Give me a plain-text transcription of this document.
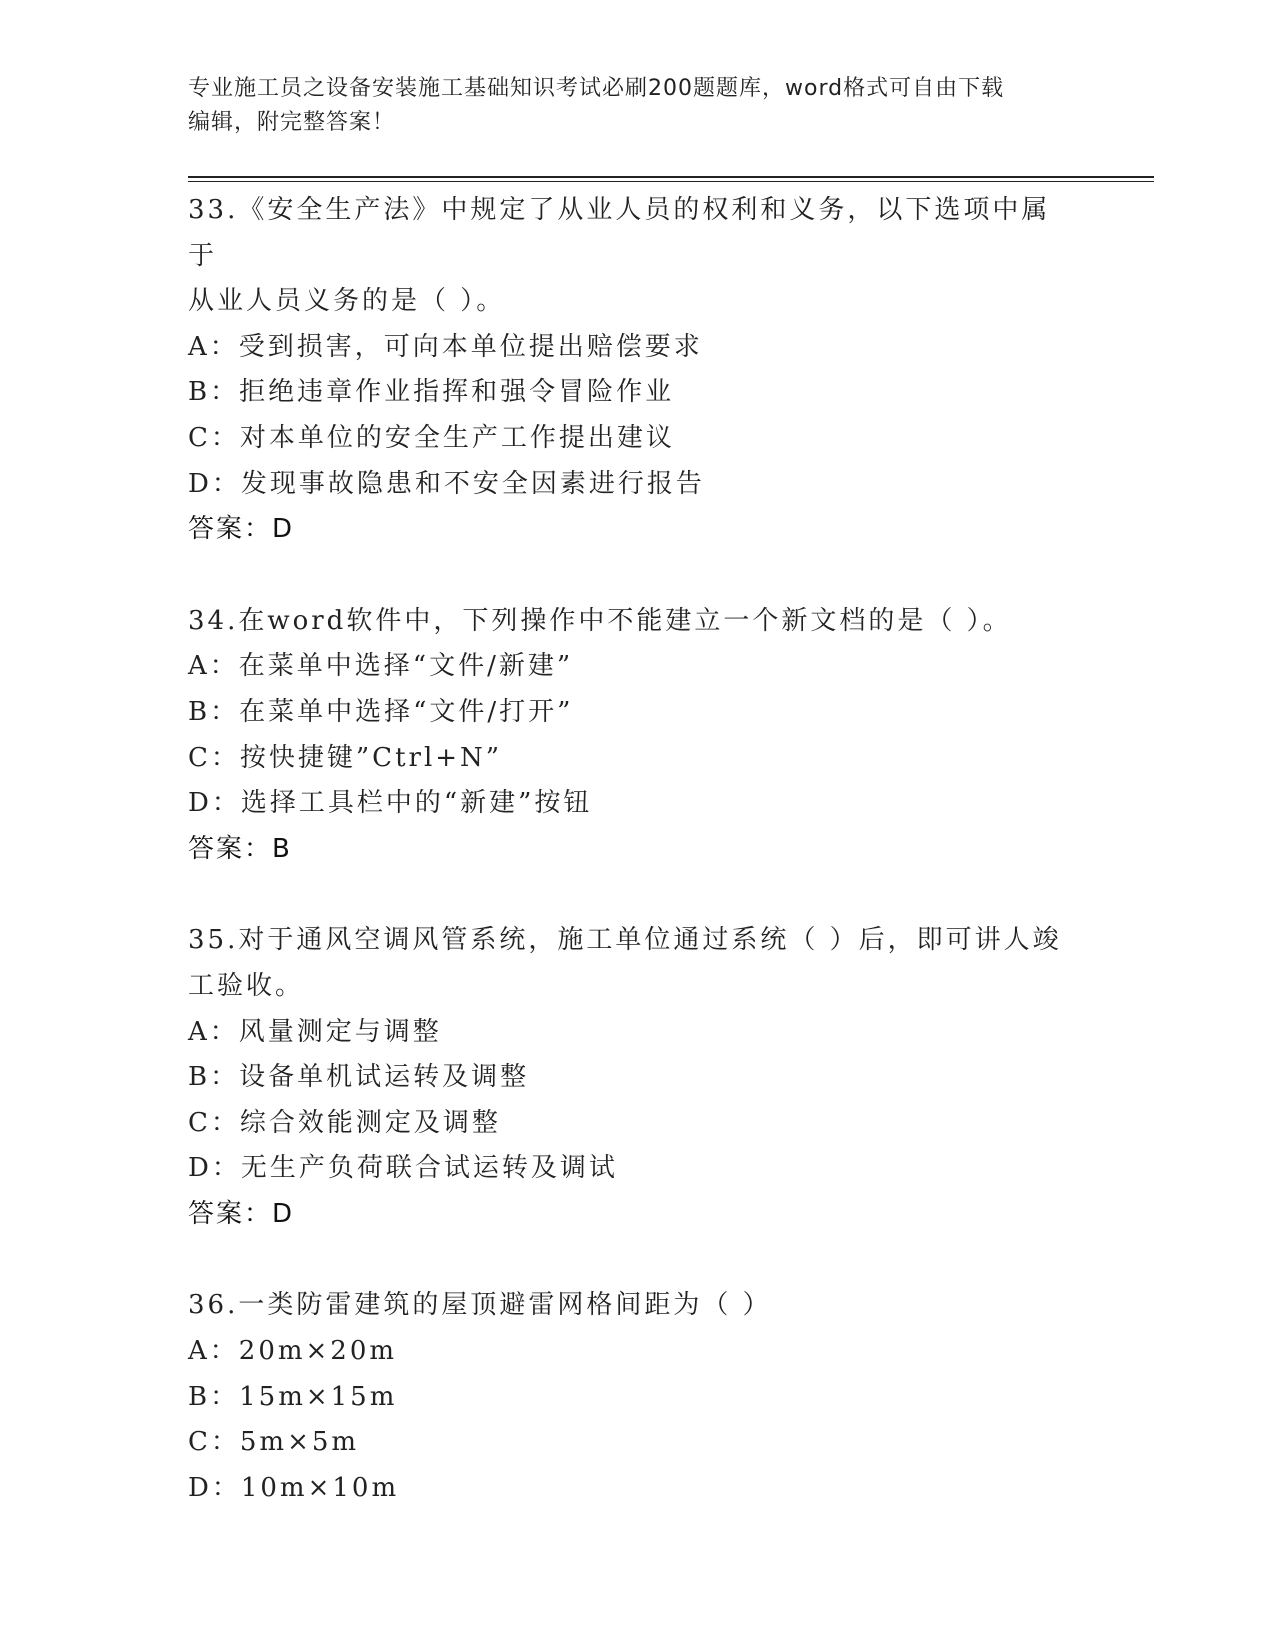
专业施工员之设备安装施工基础知识考试必刷200题题库，word格式可自由下载
编辑，附完整答案！
33.《安全生产法》中规定了从业人员的权利和义务，以下选项中属于
从业人员义务的是（ ）。
A：受到损害，可向本单位提出赔偿要求
B：拒绝违章作业指挥和强令冒险作业
C：对本单位的安全生产工作提出建议
D：发现事故隐患和不安全因素进行报告
答案：D
34.在word软件中，下列操作中不能建立一个新文档的是（ ）。
A：在菜单中选择“文件/新建”
B：在菜单中选择“文件/打开”
C：按快捷键”Ctrl+N”
D：选择工具栏中的“新建”按钮
答案：B
35.对于通风空调风管系统，施工单位通过系统（ ）后，即可讲人竣
工验收。
A：风量测定与调整
B：设备单机试运转及调整
C：综合效能测定及调整
D：无生产负荷联合试运转及调试
答案：D
36.一类防雷建筑的屋顶避雷网格间距为（ ）
A：20m×20m
B：15m×15m
C：5m×5m
D：10m×10m
